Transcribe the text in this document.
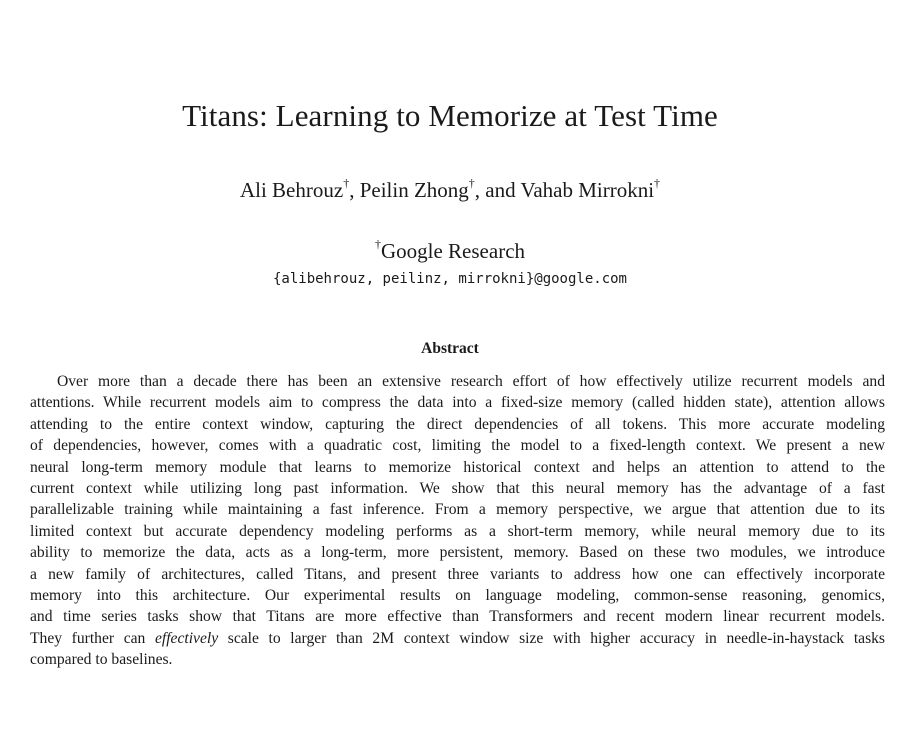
Titans: Learning to Memorize at Test Time
Ali Behrouz†, Peilin Zhong†, and Vahab Mirrokni†
†Google Research
{alibehrouz, peilinz, mirrokni}@google.com
Abstract
Over more than a decade there has been an extensive research effort of how effectively utilize recurrent models and
attentions. While recurrent models aim to compress the data into a fixed-size memory (called hidden state), attention allows
attending to the entire context window, capturing the direct dependencies of all tokens. This more accurate modeling
of dependencies, however, comes with a quadratic cost, limiting the model to a fixed-length context. We present a new
neural long-term memory module that learns to memorize historical context and helps an attention to attend to the
current context while utilizing long past information. We show that this neural memory has the advantage of a fast
parallelizable training while maintaining a fast inference. From a memory perspective, we argue that attention due to its
limited context but accurate dependency modeling performs as a short-term memory, while neural memory due to its
ability to memorize the data, acts as a long-term, more persistent, memory. Based on these two modules, we introduce
a new family of architectures, called Titans, and present three variants to address how one can effectively incorporate
memory into this architecture. Our experimental results on language modeling, common-sense reasoning, genomics,
and time series tasks show that Titans are more effective than Transformers and recent modern linear recurrent models.
They further can effectively scale to larger than 2M context window size with higher accuracy in needle-in-haystack tasks
compared to baselines.
